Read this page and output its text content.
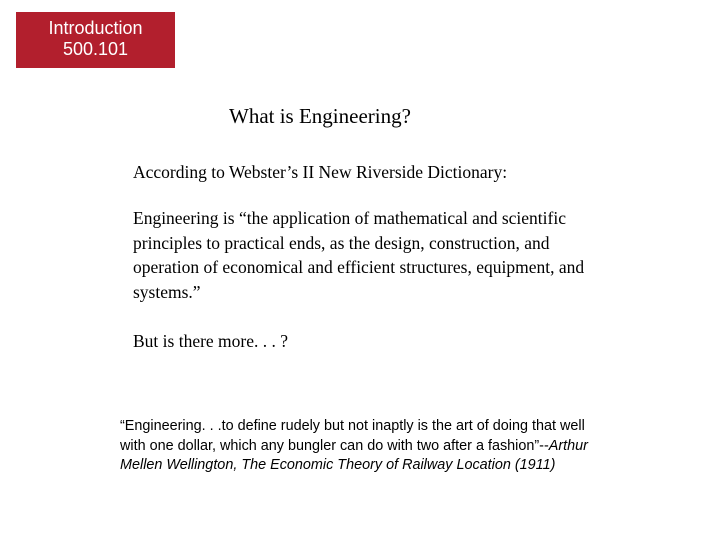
Introduction
500.101
What is Engineering?

According to Webster’s II New Riverside Dictionary:

Engineering is “the application of mathematical and scientific principles to practical ends, as the design, construction, and operation of economical and efficient structures, equipment, and systems.”

But is there more. . . ?

“Engineering. . .to define rudely but not inaptly is the art of doing that well with one dollar, which any bungler can do with two after a fashion”--Arthur Mellen Wellington, The Economic Theory of Railway Location (1911)
